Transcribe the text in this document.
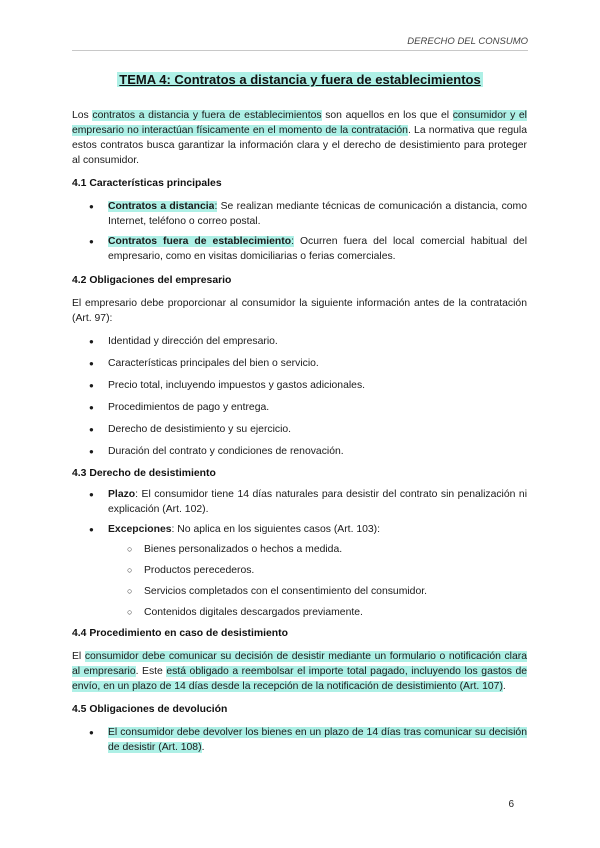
DERECHO DEL CONSUMO
TEMA 4: Contratos a distancia y fuera de establecimientos

Los contratos a distancia y fuera de establecimientos son aquellos en los que el consumidor y el empresario no interactúan físicamente en el momento de la contratación. La normativa que regula estos contratos busca garantizar la información clara y el derecho de desistimiento para proteger al consumidor.

4.1 Características principales
● Contratos a distancia: Se realizan mediante técnicas de comunicación a distancia, como Internet, teléfono o correo postal.
● Contratos fuera de establecimiento: Ocurren fuera del local comercial habitual del empresario, como en visitas domiciliarias o ferias comerciales.
4.2 Obligaciones del empresario

El empresario debe proporcionar al consumidor la siguiente información antes de la contratación (Art. 97):

● Identidad y dirección del empresario.
● Características principales del bien o servicio.
● Precio total, incluyendo impuestos y gastos adicionales.
● Procedimientos de pago y entrega.
● Derecho de desistimiento y su ejercicio.
● Duración del contrato y condiciones de renovación.
4.3 Derecho de desistimiento
● Plazo: El consumidor tiene 14 días naturales para desistir del contrato sin penalización ni explicación (Art. 102).
● Excepciones: No aplica en los siguientes casos (Art. 103):
○ Bienes personalizados o hechos a medida.
○ Productos perecederos.
○ Servicios completados con el consentimiento del consumidor.
○ Contenidos digitales descargados previamente.
4.4 Procedimiento en caso de desistimiento

El consumidor debe comunicar su decisión de desistir mediante un formulario o notificación clara al empresario. Este está obligado a reembolsar el importe total pagado, incluyendo los gastos de envío, en un plazo de 14 días desde la recepción de la notificación de desistimiento (Art. 107).

4.5 Obligaciones de devolución
● El consumidor debe devolver los bienes en un plazo de 14 días tras comunicar su decisión de desistir (Art. 108).
6
